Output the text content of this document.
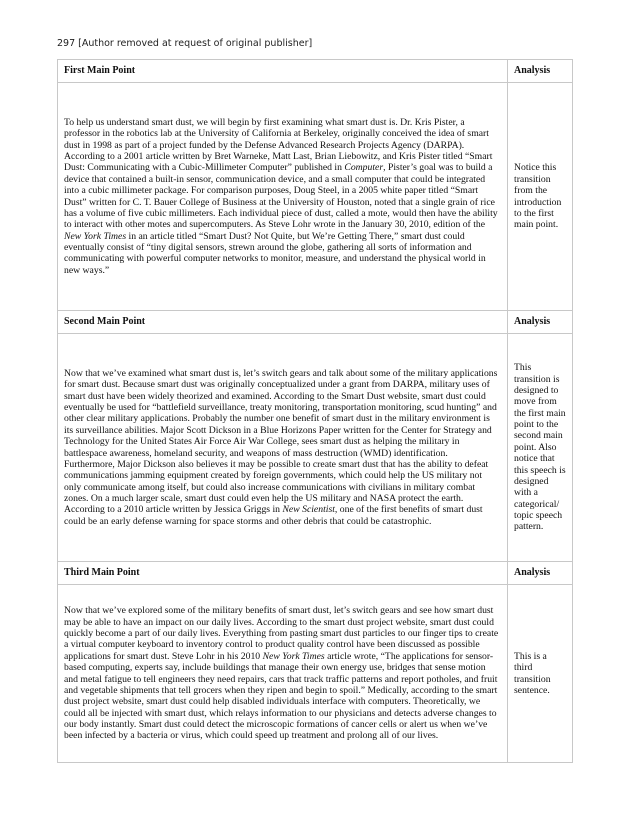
297 [Author removed at request of original publisher]
First Main Point	Analysis
To help us understand smart dust, we will begin by first examining what smart dust is. Dr. Kris Pister, a professor in the robotics lab at the University of California at Berkeley, originally conceived the idea of smart dust in 1998 as part of a project funded by the Defense Advanced Research Projects Agency (DARPA). According to a 2001 article written by Bret Warneke, Matt Last, Brian Liebowitz, and Kris Pister titled “Smart Dust: Communicating with a Cubic-Millimeter Computer” published in Computer, Pister’s goal was to build a device that contained a built-in sensor, communication device, and a small computer that could be integrated into a cubic millimeter package. For comparison purposes, Doug Steel, in a 2005 white paper titled “Smart Dust” written for C. T. Bauer College of Business at the University of Houston, noted that a single grain of rice has a volume of five cubic millimeters. Each individual piece of dust, called a mote, would then have the ability to interact with other motes and supercomputers. As Steve Lohr wrote in the January 30, 2010, edition of the New York Times in an article titled “Smart Dust? Not Quite, but We’re Getting There,” smart dust could eventually consist of “tiny digital sensors, strewn around the globe, gathering all sorts of information and communicating with powerful computer networks to monitor, measure, and understand the physical world in new ways.”	Notice this transition from the introduction to the first main point.
Second Main Point	Analysis
Now that we’ve examined what smart dust is, let’s switch gears and talk about some of the military applications for smart dust. Because smart dust was originally conceptualized under a grant from DARPA, military uses of smart dust have been widely theorized and examined. According to the Smart Dust website, smart dust could eventually be used for “battlefield surveillance, treaty monitoring, transportation monitoring, scud hunting” and other clear military applications. Probably the number one benefit of smart dust in the military environment is its surveillance abilities. Major Scott Dickson in a Blue Horizons Paper written for the Center for Strategy and Technology for the United States Air Force Air War College, sees smart dust as helping the military in battlespace awareness, homeland security, and weapons of mass destruction (WMD) identification. Furthermore, Major Dickson also believes it may be possible to create smart dust that has the ability to defeat communications jamming equipment created by foreign governments, which could help the US military not only communicate among itself, but could also increase communications with civilians in military combat zones. On a much larger scale, smart dust could even help the US military and NASA protect the earth. According to a 2010 article written by Jessica Griggs in New Scientist, one of the first benefits of smart dust could be an early defense warning for space storms and other debris that could be catastrophic.	This transition is designed to move from the first main point to the second main point. Also notice that this speech is designed with a categorical/ topic speech pattern.
Third Main Point	Analysis
Now that we’ve explored some of the military benefits of smart dust, let’s switch gears and see how smart dust may be able to have an impact on our daily lives. According to the smart dust project website, smart dust could quickly become a part of our daily lives. Everything from pasting smart dust particles to our finger tips to create a virtual computer keyboard to inventory control to product quality control have been discussed as possible applications for smart dust. Steve Lohr in his 2010 New York Times article wrote, “The applications for sensor-based computing, experts say, include buildings that manage their own energy use, bridges that sense motion and metal fatigue to tell engineers they need repairs, cars that track traffic patterns and report potholes, and fruit and vegetable shipments that tell grocers when they ripen and begin to spoil.” Medically, according to the smart dust project website, smart dust could help disabled individuals interface with computers. Theoretically, we could all be injected with smart dust, which relays information to our physicians and detects adverse changes to our body instantly. Smart dust could detect the microscopic formations of cancer cells or alert us when we’ve been infected by a bacteria or virus, which could speed up treatment and prolong all of our lives.	This is a third transition sentence.
